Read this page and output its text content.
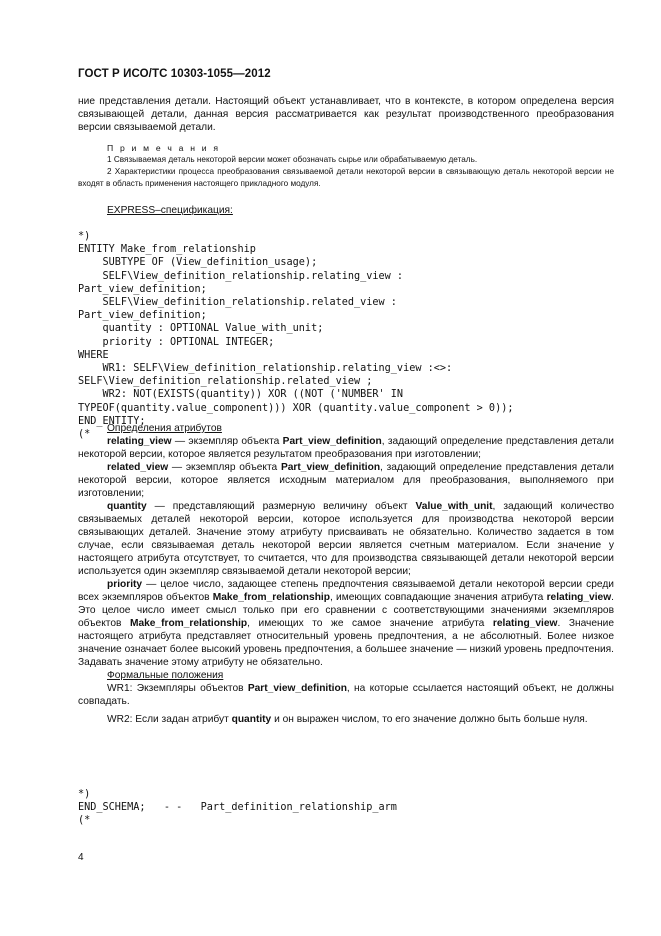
ГОСТ Р ИСО/ТС 10303-1055—2012

ние представления детали. Настоящий объект устанавливает, что в контексте, в котором определена версия связывающей детали, данная версия рассматривается как результат производственного преобразования версии связываемой детали.

П р и м е ч а н и я

1 Связываемая деталь некоторой версии может обозначать сырье или обрабатываемую деталь.

2 Характеристики процесса преобразования связываемой детали некоторой версии в связывающую деталь некоторой версии не входят в область применения настоящего прикладного модуля.

EXPRESS–спецификация:
*)
ENTITY Make_from_relationship
SUBTYPE OF (View_definition_usage);
SELF\View_definition_relationship.relating_view :
Part_view_definition;
SELF\View_definition_relationship.related_view :
Part_view_definition;
quantity : OPTIONAL Value_with_unit;
priority : OPTIONAL INTEGER;
WHERE
WR1: SELF\View_definition_relationship.relating_view :<>:
SELF\View_definition_relationship.related_view ;
WR2: NOT(EXISTS(quantity)) XOR ((NOT ('NUMBER' IN
TYPEOF(quantity.value_component))) XOR (quantity.value_component > 0));
END_ENTITY;
(*
Определения атрибутов

relating_view — экземпляр объекта Part_view_definition, задающий определение представления детали некоторой версии, которое является результатом преобразования при изготовлении;

related_view — экземпляр объекта Part_view_definition, задающий определение представления детали некоторой версии, которое является исходным материалом для преобразования, выполняемого при изготовлении;

quantity — представляющий размерную величину объект Value_with_unit, задающий количество связываемых деталей некоторой версии, которое используется для производства некоторой версии связывающих деталей. Значение этому атрибуту присваивать не обязательно. Количество задается в том случае, если связываемая деталь некоторой версии является счетным материалом. Если значение у настоящего атрибута отсутствует, то считается, что для производства связывающей детали некоторой версии используется один экземпляр связываемой детали некоторой версии;

priority — целое число, задающее степень предпочтения связываемой детали некоторой версии среди всех экземпляров объектов Make_from_relationship, имеющих совпадающие значения атрибута relating_view. Это целое число имеет смысл только при его сравнении с соответствующими значениями экземпляров объектов Make_from_relationship, имеющих то же самое значение атрибута relating_view. Значение настоящего атрибута представляет относительный уровень предпочтения, а не абсолютный. Более низкое значение означает более высокий уровень предпочтения, а большее значение — низкий уровень предпочтения. Задавать значение этому атрибуту не обязательно.

Формальные положения

WR1: Экземпляры объектов Part_view_definition, на которые ссылается настоящий объект, не должны совпадать.

WR2: Если задан атрибут quantity и он выражен числом, то его значение должно быть больше нуля.

*)
END_SCHEMA;   - -   Part_definition_relationship_arm
(*
4
